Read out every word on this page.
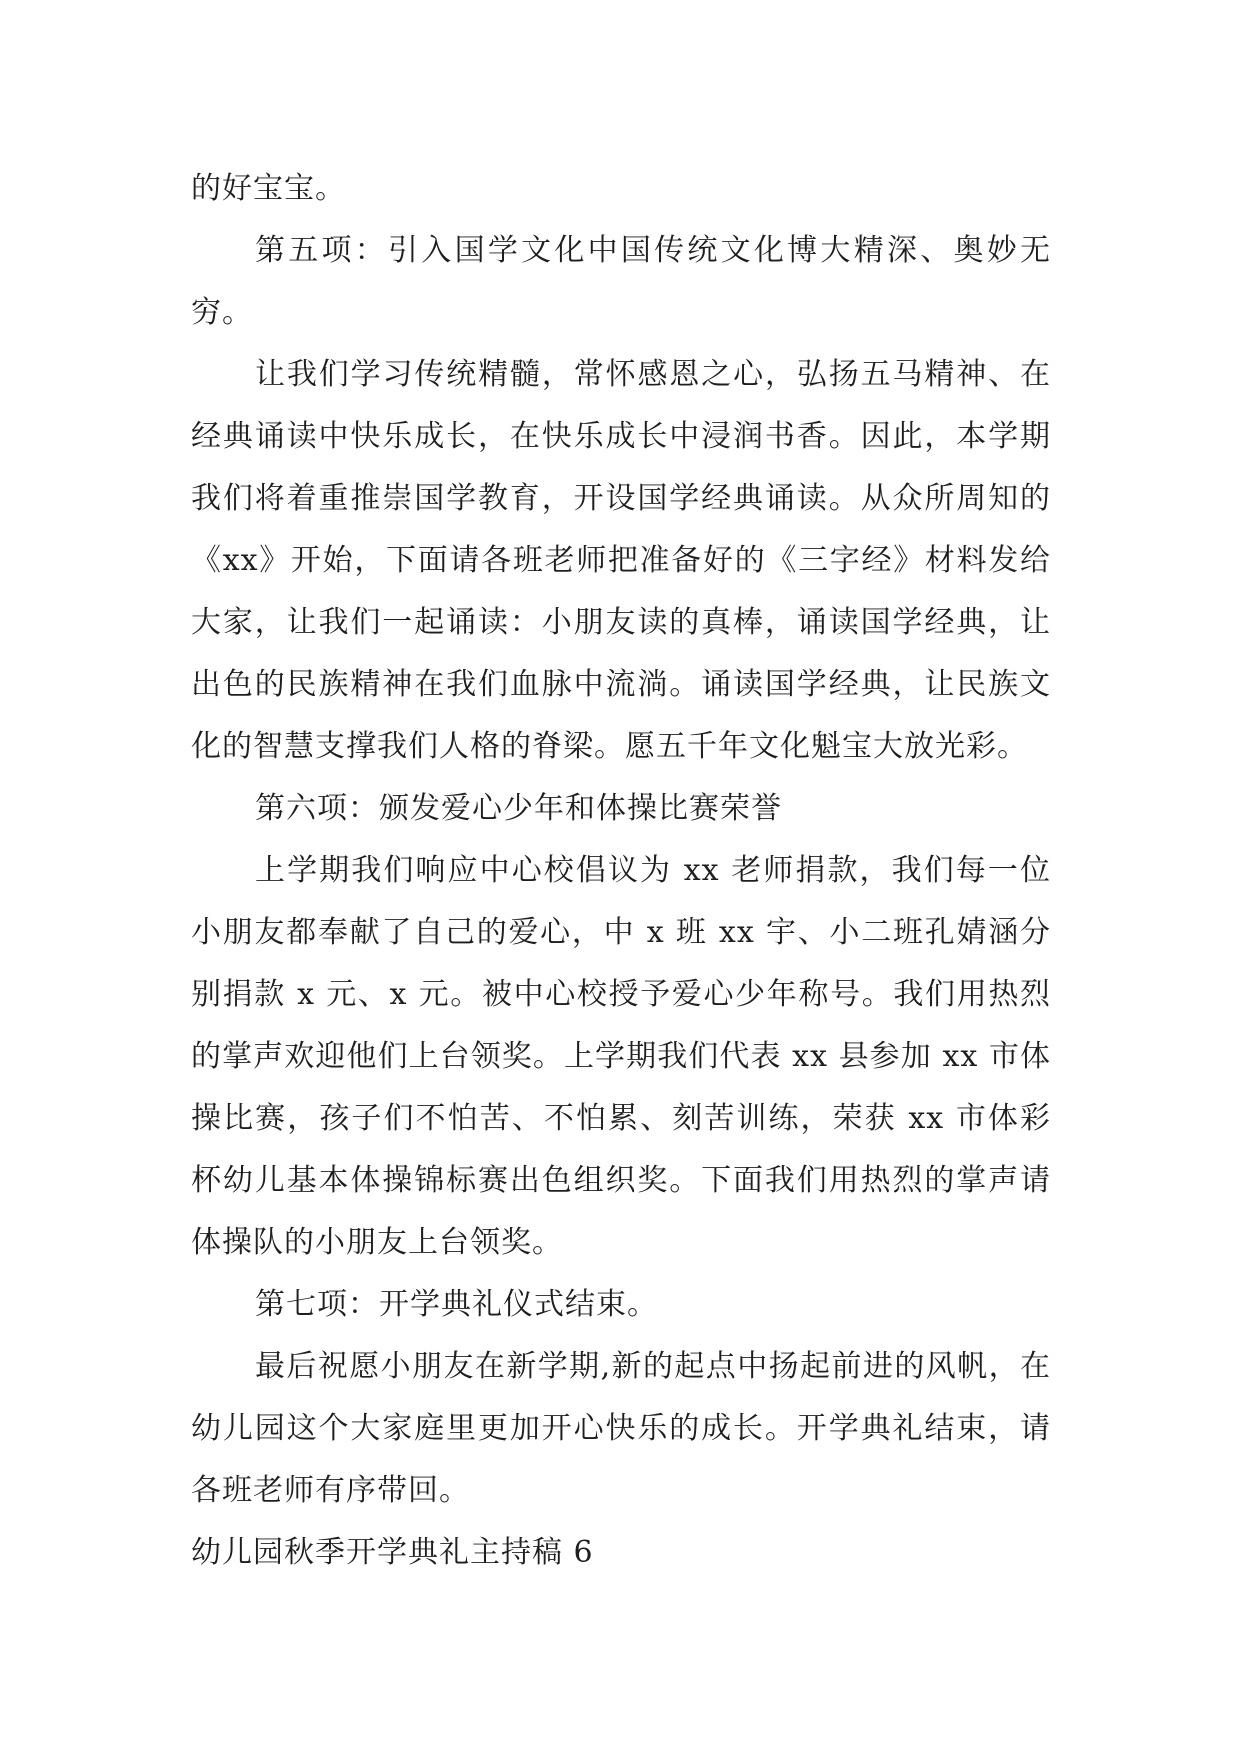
的好宝宝。

第五项：引入国学文化中国传统文化博大精深、奥妙无穷。

让我们学习传统精髓，常怀感恩之心，弘扬五马精神、在经典诵读中快乐成长，在快乐成长中浸润书香。因此，本学期我们将着重推崇国学教育，开设国学经典诵读。从众所周知的《xx》开始，下面请各班老师把准备好的《三字经》材料发给大家，让我们一起诵读：小朋友读的真棒，诵读国学经典，让出色的民族精神在我们血脉中流淌。诵读国学经典，让民族文化的智慧支撑我们人格的脊梁。愿五千年文化魁宝大放光彩。

第六项：颁发爱心少年和体操比赛荣誉

上学期我们响应中心校倡议为 xx 老师捐款，我们每一位小朋友都奉献了自己的爱心，中 x 班 xx 宇、小二班孔婧涵分别捐款 x 元、x 元。被中心校授予爱心少年称号。我们用热烈的掌声欢迎他们上台领奖。上学期我们代表 xx 县参加 xx 市体操比赛，孩子们不怕苦、不怕累、刻苦训练，荣获 xx 市体彩杯幼儿基本体操锦标赛出色组织奖。下面我们用热烈的掌声请体操队的小朋友上台领奖。

第七项：开学典礼仪式结束。

最后祝愿小朋友在新学期,新的起点中扬起前进的风帆，在幼儿园这个大家庭里更加开心快乐的成长。开学典礼结束，请各班老师有序带回。

幼儿园秋季开学典礼主持稿 6
